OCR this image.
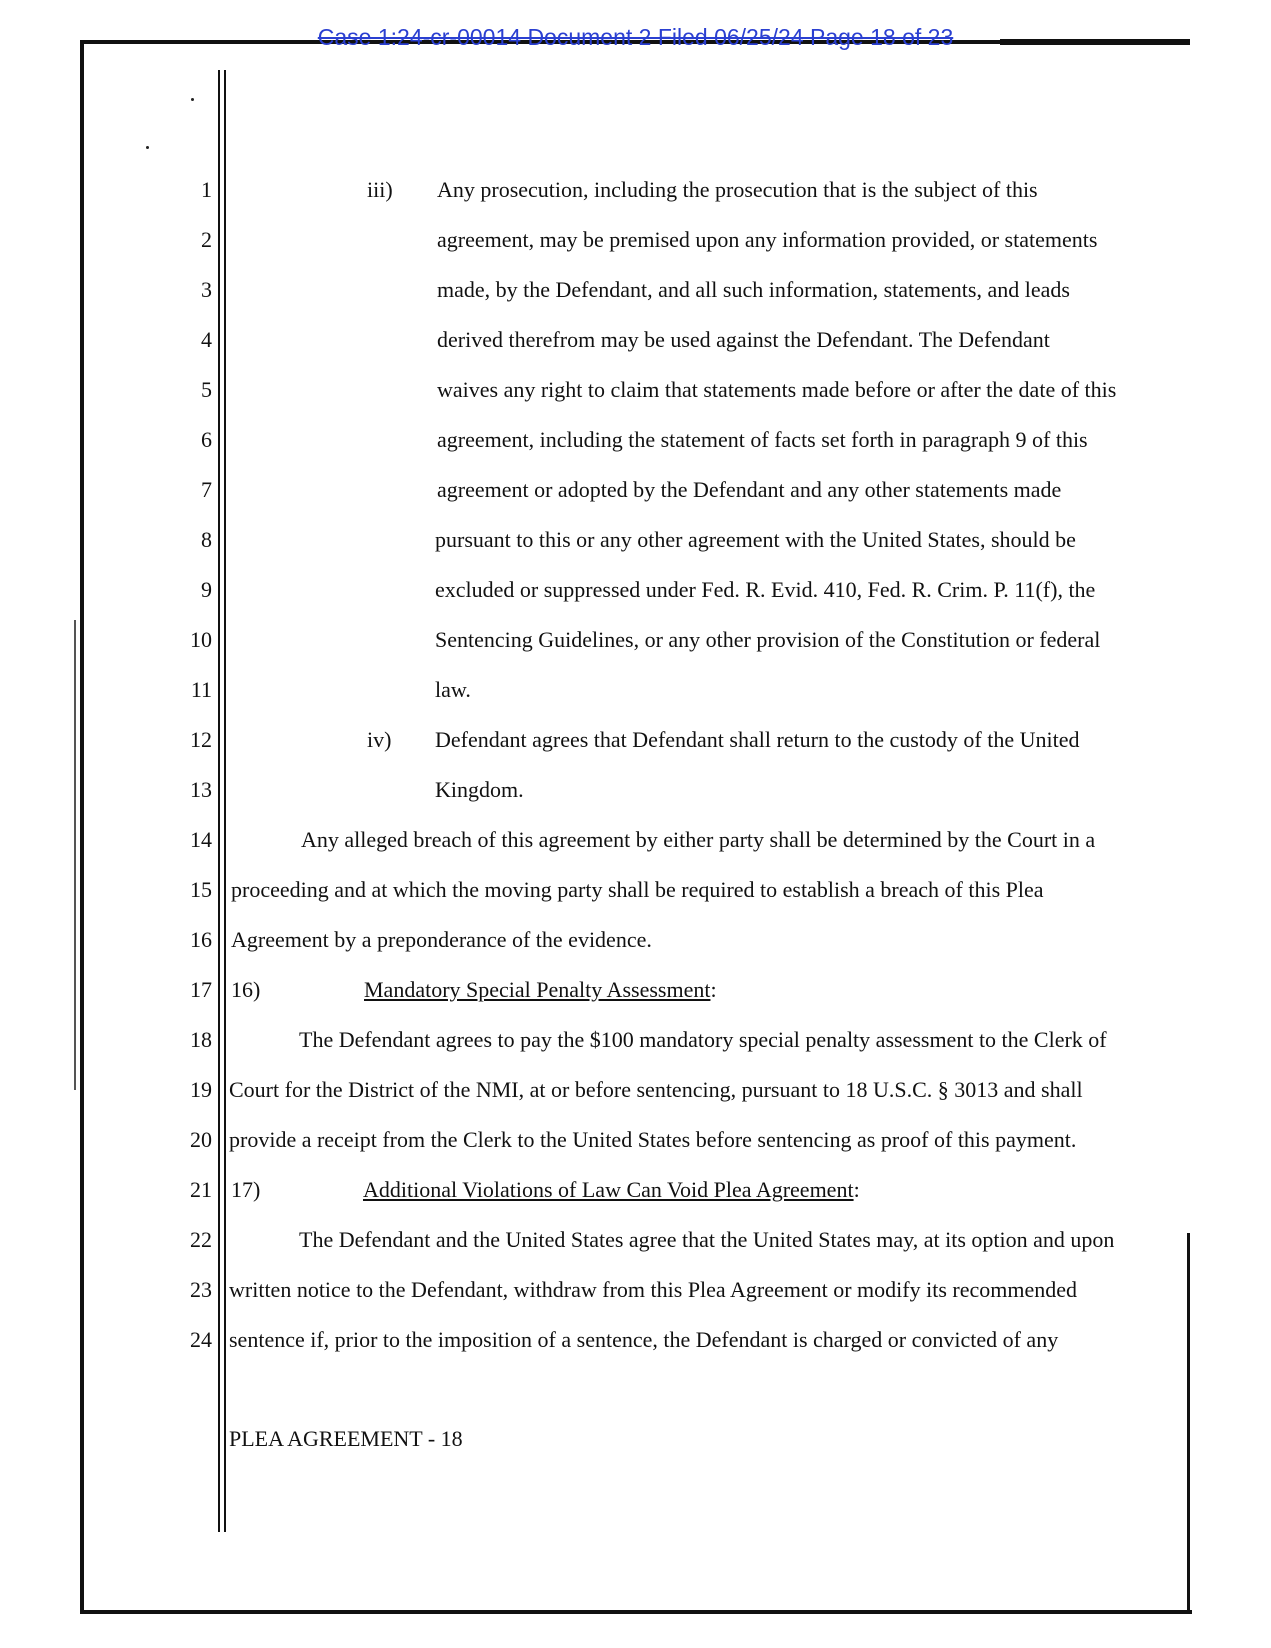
Case 1:24-cr-00014 Document 2 Filed 06/25/24 Page 18 of 23
1
2
3
4
5
6
7
8
9
10
11
12
13
14
15
16
17
18
19
20
21
22
23
24
iii) Any prosecution, including the prosecution that is the subject of this
agreement, may be premised upon any information provided, or statements
made, by the Defendant, and all such information, statements, and leads
derived therefrom may be used against the Defendant. The Defendant
waives any right to claim that statements made before or after the date of this
agreement, including the statement of facts set forth in paragraph 9 of this
agreement or adopted by the Defendant and any other statements made
pursuant to this or any other agreement with the United States, should be
excluded or suppressed under Fed. R. Evid. 410, Fed. R. Crim. P. 11(f), the
Sentencing Guidelines, or any other provision of the Constitution or federal
law.
iv) Defendant agrees that Defendant shall return to the custody of the United
Kingdom.
Any alleged breach of this agreement by either party shall be determined by the Court in a
proceeding and at which the moving party shall be required to establish a breach of this Plea
Agreement by a preponderance of the evidence.
16)	Mandatory Special Penalty Assessment:
The Defendant agrees to pay the $100 mandatory special penalty assessment to the Clerk of
Court for the District of the NMI, at or before sentencing, pursuant to 18 U.S.C. § 3013 and shall
provide a receipt from the Clerk to the United States before sentencing as proof of this payment.
17)	Additional Violations of Law Can Void Plea Agreement:
The Defendant and the United States agree that the United States may, at its option and upon
written notice to the Defendant, withdraw from this Plea Agreement or modify its recommended
sentence if, prior to the imposition of a sentence, the Defendant is charged or convicted of any
PLEA AGREEMENT - 18
